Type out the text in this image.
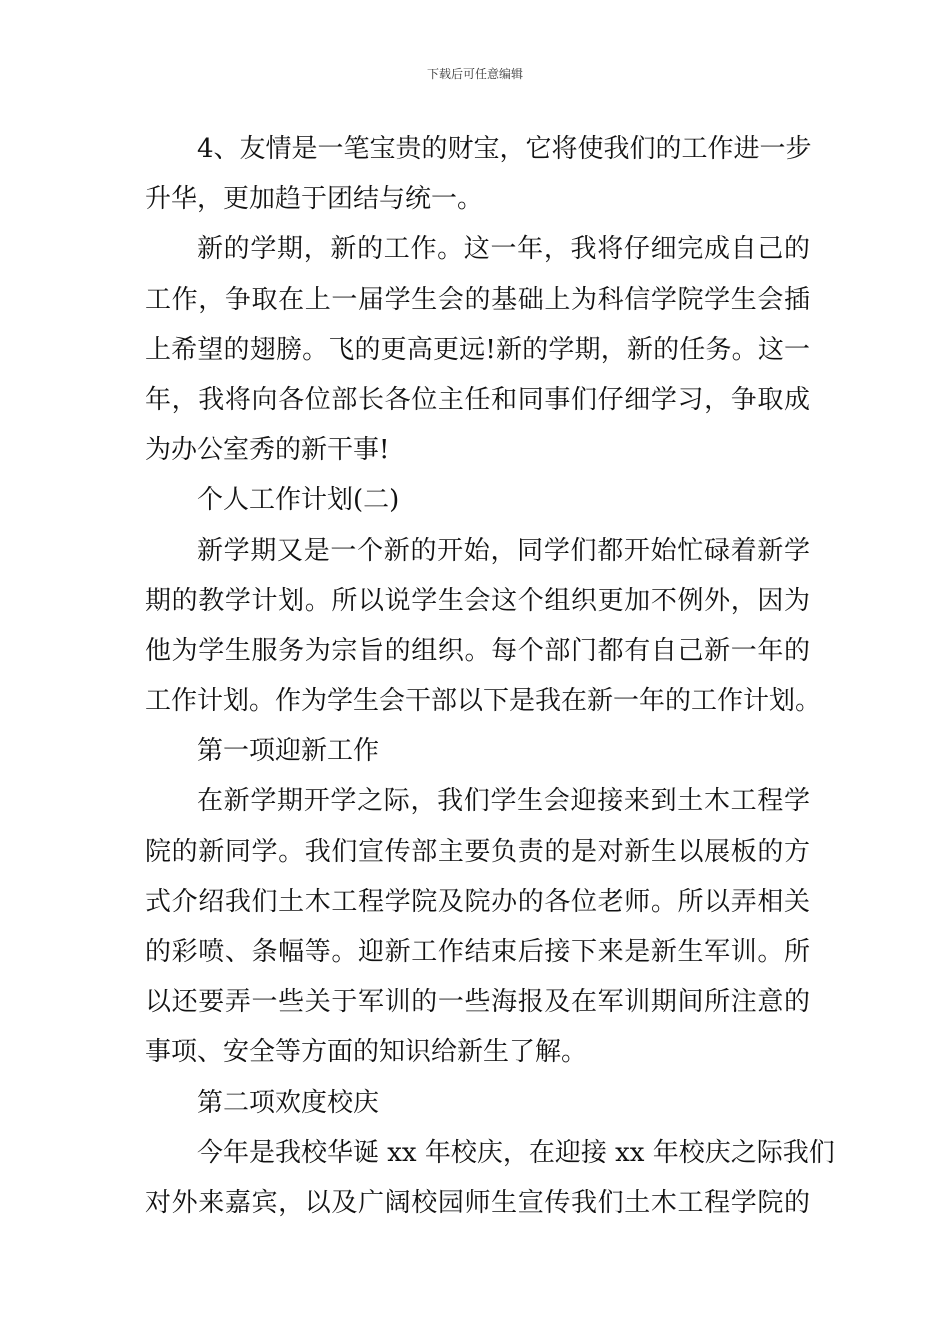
下载后可任意编辑
4、友情是一笔宝贵的财宝，它将使我们的工作进一步
升华，更加趋于团结与统一。
新的学期，新的工作。这一年，我将仔细完成自己的
工作，争取在上一届学生会的基础上为科信学院学生会插
上希望的翅膀。飞的更高更远!新的学期，新的任务。这一
年，我将向各位部长各位主任和同事们仔细学习，争取成
为办公室秀的新干事!
个人工作计划(二)
新学期又是一个新的开始，同学们都开始忙碌着新学
期的教学计划。所以说学生会这个组织更加不例外，因为
他为学生服务为宗旨的组织。每个部门都有自己新一年的
工作计划。作为学生会干部以下是我在新一年的工作计划。
第一项迎新工作
在新学期开学之际，我们学生会迎接来到土木工程学
院的新同学。我们宣传部主要负责的是对新生以展板的方
式介绍我们土木工程学院及院办的各位老师。所以弄相关
的彩喷、条幅等。迎新工作结束后接下来是新生军训。所
以还要弄一些关于军训的一些海报及在军训期间所注意的
事项、安全等方面的知识给新生了解。
第二项欢度校庆
今年是我校华诞 xx 年校庆，在迎接 xx 年校庆之际我们
对外来嘉宾，以及广阔校园师生宣传我们土木工程学院的
